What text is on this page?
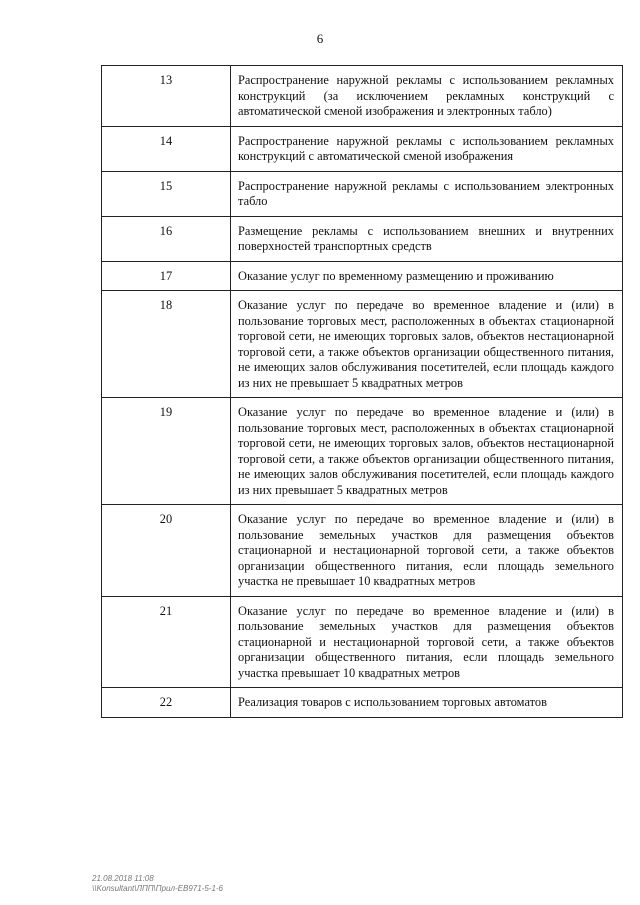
6
13	Распространение наружной рекламы с использованием рекламных конструкций (за исключением рекламных конструкций с автоматической сменой изображения и электронных табло)
14	Распространение наружной рекламы с использованием рекламных конструкций с автоматической сменой изображения
15	Распространение наружной рекламы с использованием электронных табло
16	Размещение рекламы с использованием внешних и внутренних поверхностей транспортных средств
17	Оказание услуг по временному размещению и проживанию
18	Оказание услуг по передаче во временное владение и (или) в пользование торговых мест, расположенных в объектах стационарной торговой сети, не имеющих торговых залов, объектов нестационарной торговой сети, а также объектов организации общественного питания, не имеющих залов обслуживания посетителей, если площадь каждого из них не превышает 5 квадратных метров
19	Оказание услуг по передаче во временное владение и (или) в пользование торговых мест, расположенных в объектах стационарной торговой сети, не имеющих торговых залов, объектов нестационарной торговой сети, а также объектов организации общественного питания, не имеющих залов обслуживания посетителей, если площадь каждого из них превышает 5 квадратных метров
20	Оказание услуг по передаче во временное владение и (или) в пользование земельных участков для размещения объектов стационарной и нестационарной торговой сети, а также объектов организации общественного питания, если площадь земельного участка не превышает 10 квадратных метров
21	Оказание услуг по передаче во временное владение и (или) в пользование земельных участков для размещения объектов стационарной и нестационарной торговой сети, а также объектов организации общественного питания, если площадь земельного участка превышает 10 квадратных метров
22	Реализация товаров с использованием торговых автоматов
21.08.2018 11:08
\\Konsultant\ЛПП\Прил-ЕВ971-5-1-6
